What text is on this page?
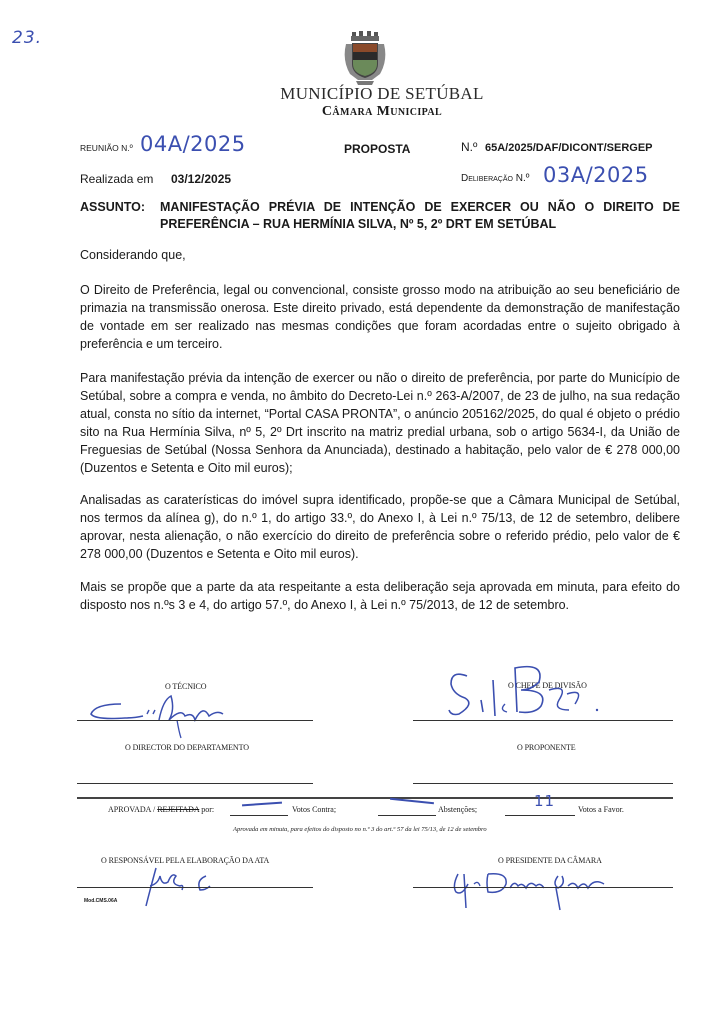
23.
MUNICÍPIO DE SETÚBAL
Câmara Municipal
REUNIÃO N.º 04A/2025	PROPOSTA	N.º 65A/2025/DAF/DICONT/SERGEP
Realizada em 03/12/2025	Deliberação N.º 03A/2025
ASSUNTO: MANIFESTAÇÃO PRÉVIA DE INTENÇÃO DE EXERCER OU NÃO O DIREITO DE PREFERÊNCIA – RUA HERMÍNIA SILVA, Nº 5, 2º DRT EM SETÚBAL
Considerando que,
O Direito de Preferência, legal ou convencional, consiste grosso modo na atribuição ao seu beneficiário de primazia na transmissão onerosa. Este direito privado, está dependente da demonstração de manifestação de vontade em ser realizado nas mesmas condições que foram acordadas entre o sujeito obrigado à preferência e um terceiro.
Para manifestação prévia da intenção de exercer ou não o direito de preferência, por parte do Município de Setúbal, sobre a compra e venda, no âmbito do Decreto-Lei n.º 263-A/2007, de 23 de julho, na sua redação atual, consta no sítio da internet, “Portal CASA PRONTA”, o anúncio 205162/2025, do qual é objeto o prédio sito na Rua Hermínia Silva, nº 5, 2º Drt inscrito na matriz predial urbana, sob o artigo 5634-I, da União de Freguesias de Setúbal (Nossa Senhora da Anunciada), destinado a habitação, pelo valor de € 278 000,00 (Duzentos e Setenta e Oito mil euros);
Analisadas as caraterísticas do imóvel supra identificado, propõe-se que a Câmara Municipal de Setúbal, nos termos da alínea g), do n.º 1, do artigo 33.º, do Anexo I, à Lei n.º 75/13, de 12 de setembro, delibere aprovar, nesta alienação, o não exercício do direito de preferência sobre o referido prédio, pelo valor de € 278 000,00 (Duzentos e Setenta e Oito mil euros).
Mais se propõe que a parte da ata respeitante a esta deliberação seja aprovada em minuta, para efeito do disposto nos n.ºs 3 e 4, do artigo 57.º, do Anexo I, à Lei n.º 75/2013, de 12 de setembro.
O TÉCNICO	O CHEFE DE DIVISÃO
O DIRECTOR DO DEPARTAMENTO	O PROPONENTE
APROVADA / REJEITADA por:	Votos Contra;	Abstenções;	11	Votos a Favor.
Aprovada em minuta, para efeitos do disposto no n.º 3 do art.º 57 da lei 75/13, de 12 de setembro
O RESPONSÁVEL PELA ELABORAÇÃO DA ATA	O PRESIDENTE DA CÂMARA
Mod.CMS.06A
